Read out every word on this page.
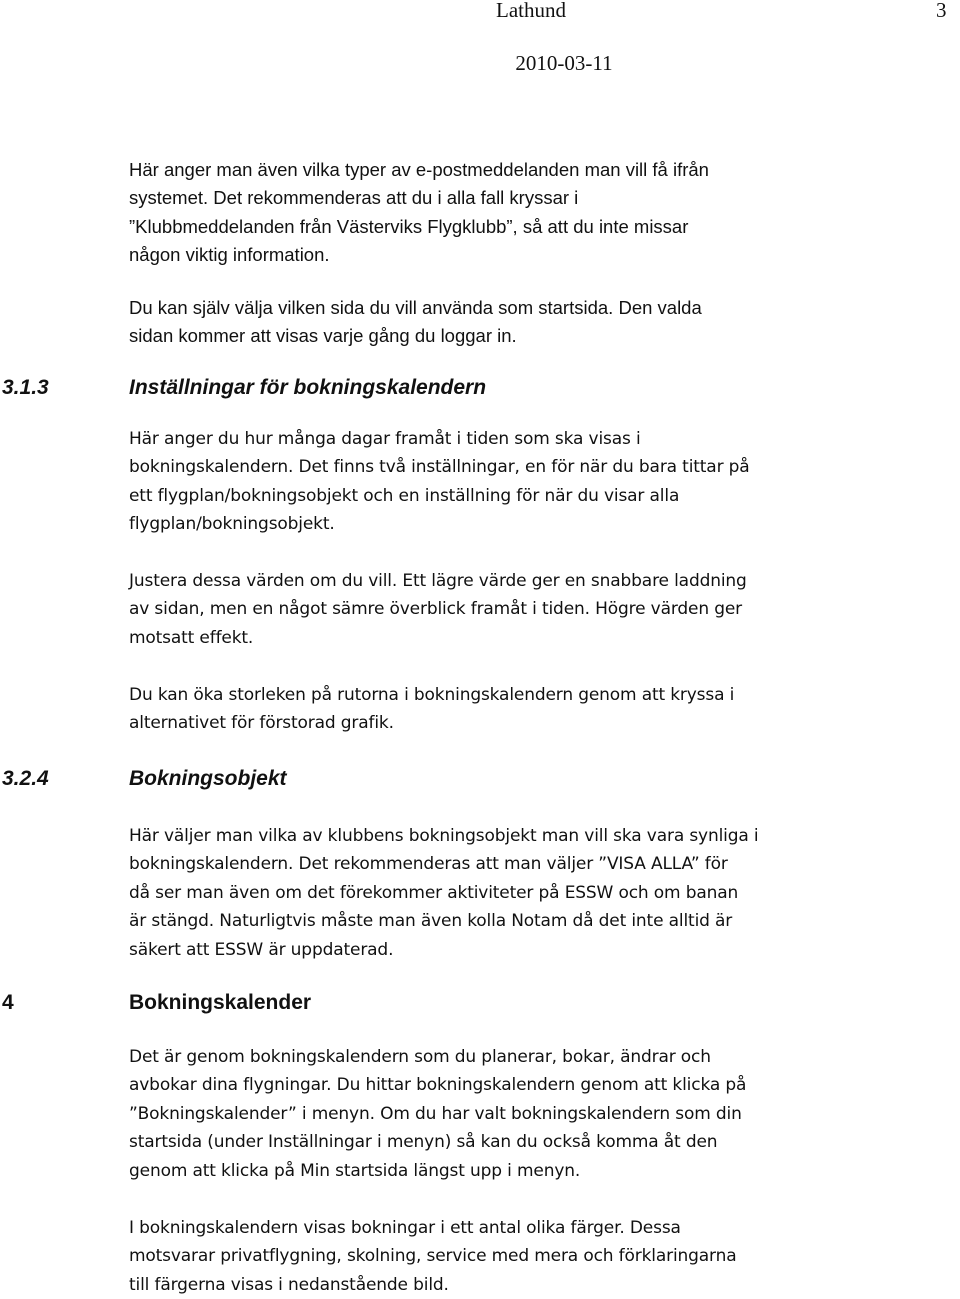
Lathund	3
2010-03-11
Här anger man även vilka typer av e-postmeddelanden man vill få ifrån
systemet. Det rekommenderas att du i alla fall kryssar i
”Klubbmeddelanden från Västerviks Flygklubb”, så att du inte missar
någon viktig information.
Du kan själv välja vilken sida du vill använda som startsida. Den valda
sidan kommer att visas varje gång du loggar in.
3.1.3	Inställningar för bokningskalendern
Här anger du hur många dagar framåt i tiden som ska visas i
bokningskalendern. Det finns två inställningar, en för när du bara tittar på
ett flygplan/bokningsobjekt och en inställning för när du visar alla
flygplan/bokningsobjekt.
Justera dessa värden om du vill. Ett lägre värde ger en snabbare laddning
av sidan, men en något sämre överblick framåt i tiden. Högre värden ger
motsatt effekt.
Du kan öka storleken på rutorna i bokningskalendern genom att kryssa i
alternativet för förstorad grafik.
3.2.4	Bokningsobjekt
Här väljer man vilka av klubbens bokningsobjekt man vill ska vara synliga i
bokningskalendern. Det rekommenderas att man väljer ”VISA ALLA” för
då ser man även om det förekommer aktiviteter på ESSW och om banan
är stängd. Naturligtvis måste man även kolla Notam då det inte alltid är
säkert att ESSW är uppdaterad.
4	Bokningskalender
Det är genom bokningskalendern som du planerar, bokar, ändrar och
avbokar dina flygningar. Du hittar bokningskalendern genom att klicka på
”Bokningskalender” i menyn. Om du har valt bokningskalendern som din
startsida (under Inställningar i menyn) så kan du också komma åt den
genom att klicka på Min startsida längst upp i menyn.
I bokningskalendern visas bokningar i ett antal olika färger. Dessa
motsvarar privatflygning, skolning, service med mera och förklaringarna
till färgerna visas i nedanstående bild.
